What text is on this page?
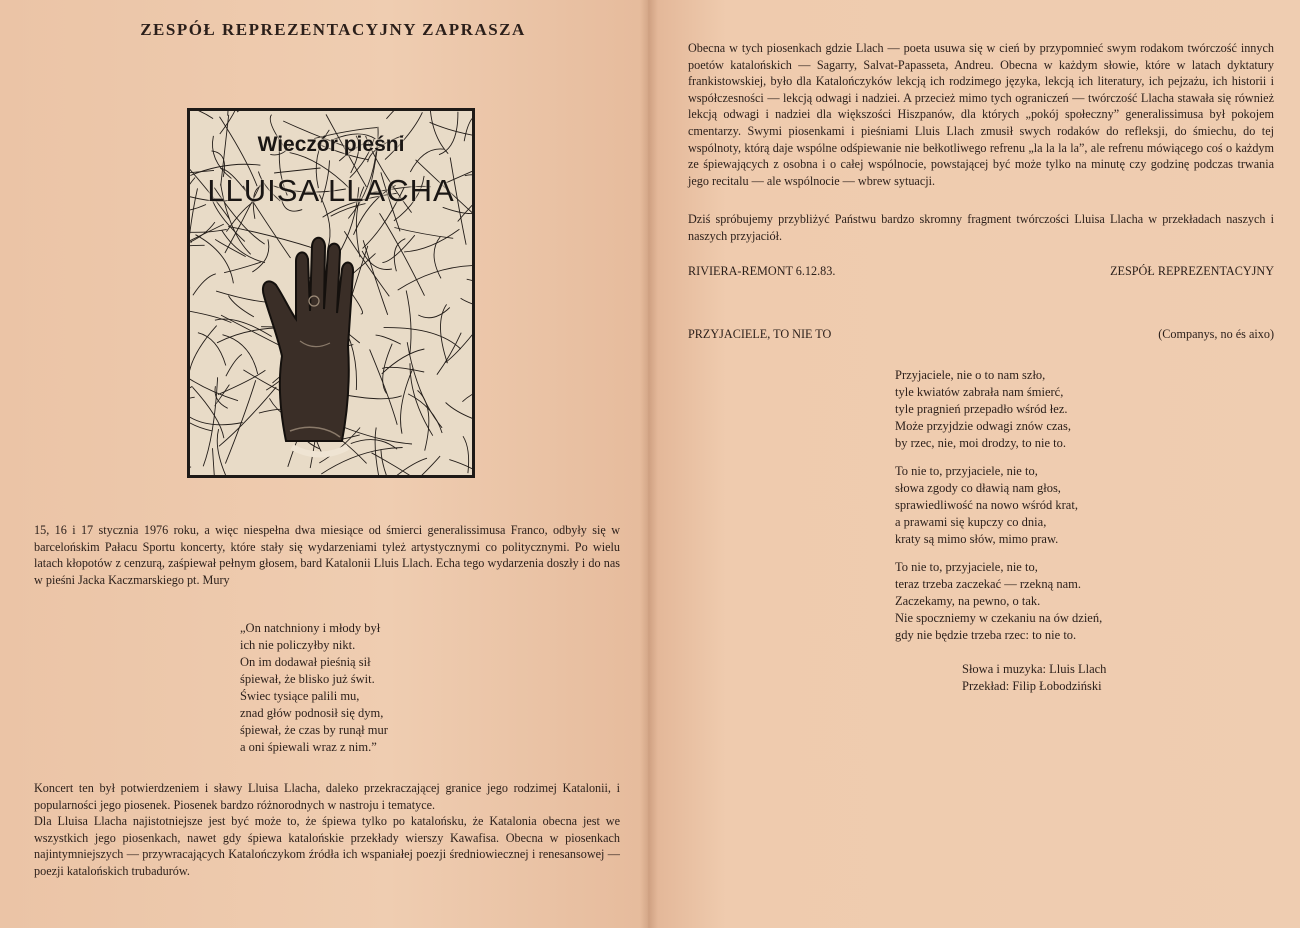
ZESPÓŁ REPREZENTACYJNY ZAPRASZA
Wieczór pieśni
LLUISA LLACHA

15, 16 i 17 stycznia 1976 roku, a więc niespełna dwa miesiące od śmierci generalissimusa Franco, odbyły się w barcelońskim Pałacu Sportu koncerty, które stały się wydarzeniami tyleż artystycznymi co politycznymi. Po wielu latach kłopotów z cenzurą, zaśpiewał pełnym głosem, bard Katalonii Lluis Llach. Echa tego wydarzenia doszły i do nas w pieśni Jacka Kaczmarskiego pt. Mury

„On natchniony i młody był
ich nie policzyłby nikt.
On im dodawał pieśnią sił
śpiewał, że blisko już świt.
Świec tysiące palili mu,
znad głów podnosił się dym,
śpiewał, że czas by runął mur
a oni śpiewali wraz z nim.”

Koncert ten był potwierdzeniem i sławy Lluisa Llacha, daleko przekraczającej granice jego rodzimej Katalonii, i popularności jego piosenek. Piosenek bardzo różnorodnych w nastroju i tematyce.

Dla Lluisa Llacha najistotniejsze jest być może to, że śpiewa tylko po katalońsku, że Katalonia obecna jest we wszystkich jego piosenkach, nawet gdy śpiewa katalońskie przekłady wierszy Kawafisa. Obecna w piosenkach najintymniejszych — przywracających Katalończykom źródła ich wspaniałej poezji średniowiecznej i renesansowej — poezji katalońskich trubadurów.

Obecna w tych piosenkach gdzie Llach — poeta usuwa się w cień by przypomnieć swym rodakom twórczość innych poetów katalońskich — Sagarry, Salvat-Papasseta, Andreu. Obecna w każdym słowie, które w latach dyktatury frankistowskiej, było dla Katalończyków lekcją ich rodzimego języka, lekcją ich literatury, ich pejzażu, ich historii i współczesności — lekcją odwagi i nadziei. A przecież mimo tych ograniczeń — twórczość Llacha stawała się również lekcją odwagi i nadziei dla większości Hiszpanów, dla których „pokój społeczny” generalissimusa był pokojem cmentarzy. Swymi piosenkami i pieśniami Lluis Llach zmusił swych rodaków do refleksji, do śmiechu, do tej wspólnoty, którą daje wspólne odśpiewanie nie bełkotliwego refrenu „la la la la”, ale refrenu mówiącego coś o każdym ze śpiewających z osobna i o całej wspólnocie, powstającej być może tylko na minutę czy godzinę podczas trwania jego recitalu — ale wspólnocie — wbrew sytuacji.

Dziś spróbujemy przybliżyć Państwu bardzo skromny fragment twórczości Lluisa Llacha w przekładach naszych i naszych przyjaciół.

RIVIERA-REMONT 6.12.83.	ZESPÓŁ REPREZENTACYJNY
PRZYJACIELE, TO NIE TO	(Companys, no és aixo)
Przyjaciele, nie o to nam szło,
tyle kwiatów zabrała nam śmierć,
tyle pragnień przepadło wśród łez.
Może przyjdzie odwagi znów czas,
by rzec, nie, moi drodzy, to nie to.
To nie to, przyjaciele, nie to,
słowa zgody co dławią nam głos,
sprawiedliwość na nowo wśród krat,
a prawami się kupczy co dnia,
kraty są mimo słów, mimo praw.
To nie to, przyjaciele, nie to,
teraz trzeba zaczekać — rzekną nam.
Zaczekamy, na pewno, o tak.
Nie spoczniemy w czekaniu na ów dzień,
gdy nie będzie trzeba rzec: to nie to.
Słowa i muzyka: Lluis Llach
Przekład: Filip Łobodziński
